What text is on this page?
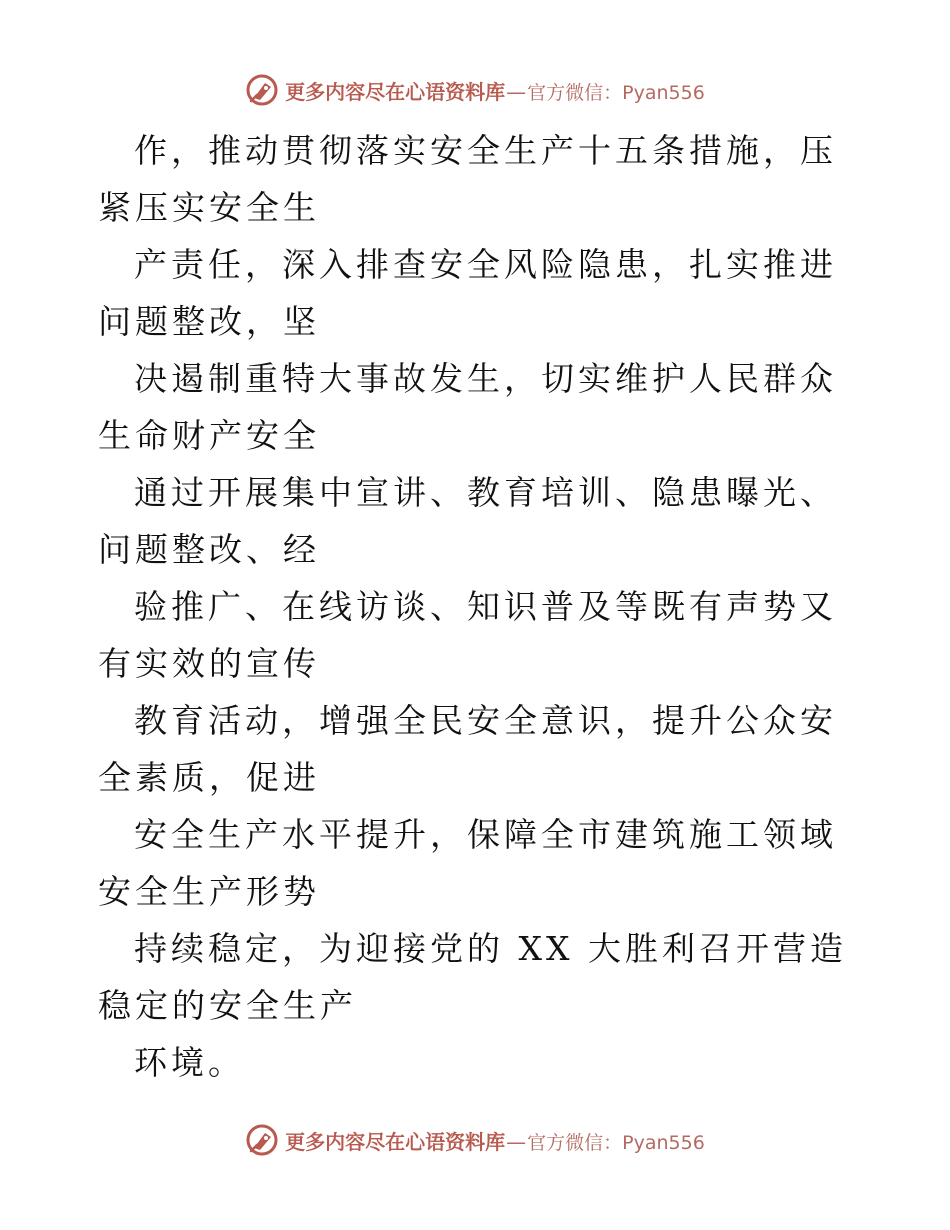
更多内容尽在心语资料库 — 官方微信：Pyan556

作，推动贯彻落实安全生产十五条措施，压紧压实安全生

产责任，深入排查安全风险隐患，扎实推进问题整改，坚

决遏制重特大事故发生，切实维护人民群众生命财产安全

通过开展集中宣讲、教育培训、隐患曝光、问题整改、经

验推广、在线访谈、知识普及等既有声势又有实效的宣传

教育活动，增强全民安全意识，提升公众安全素质，促进

安全生产水平提升，保障全市建筑施工领域安全生产形势

持续稳定，为迎接党的 XX 大胜利召开营造稳定的安全生产

环境。

更多内容尽在心语资料库 — 官方微信：Pyan556
